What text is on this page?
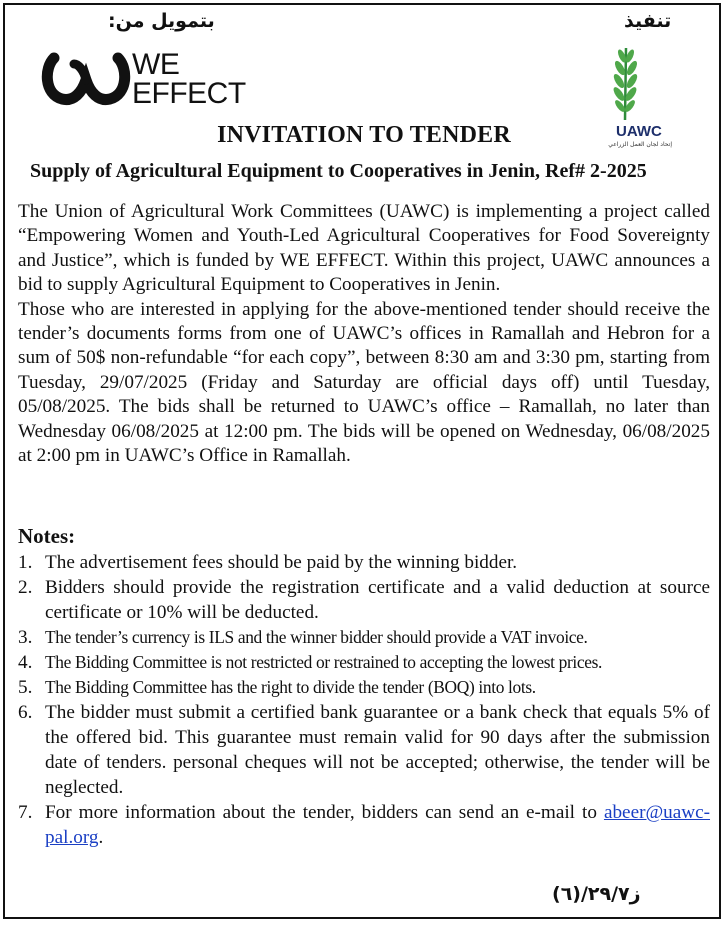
بتمويل من:	تنفيذ
WE
EFFECT
UAWC
إتحاد لجان العمل الزراعي
INVITATION TO TENDER
Supply of Agricultural Equipment to Cooperatives in Jenin, Ref# 2-2025

The Union of Agricultural Work Committees (UAWC) is implementing a project called “Empowering Women and Youth-Led Agricultural Cooperatives for Food Sovereignty and Justice”, which is funded by WE EFFECT. Within this project, UAWC announces a bid to supply Agricultural Equipment to Cooperatives in Jenin.

Those who are interested in applying for the above-mentioned tender should receive the tender’s documents forms from one of UAWC’s offices in Ramallah and Hebron for a sum of 50$ non-refundable “for each copy”, between 8:30 am and 3:30 pm, starting from Tuesday, 29/07/2025 (Friday and Saturday are official days off) until Tuesday, 05/08/2025. The bids shall be returned to UAWC’s office – Ramallah, no later than Wednesday 06/08/2025 at 12:00 pm. The bids will be opened on Wednesday, 06/08/2025 at 2:00 pm in UAWC’s Office in Ramallah.

Notes:
1. The advertisement fees should be paid by the winning bidder.
2. Bidders should provide the registration certificate and a valid deduction at source certificate or 10% will be deducted.
3. The tender’s currency is ILS and the winner bidder should provide a VAT invoice.
4. The Bidding Committee is not restricted or restrained to accepting the lowest prices.
5. The Bidding Committee has the right to divide the tender (BOQ) into lots.
6. The bidder must submit a certified bank guarantee or a bank check that equals 5% of the offered bid. This guarantee must remain valid for 90 days after the submission date of tenders. personal cheques will not be accepted; otherwise, the tender will be neglected.
7. For more information about the tender, bidders can send an e-mail to abeer@uawc-pal.org.
ز٢٩/٧/(٦)
